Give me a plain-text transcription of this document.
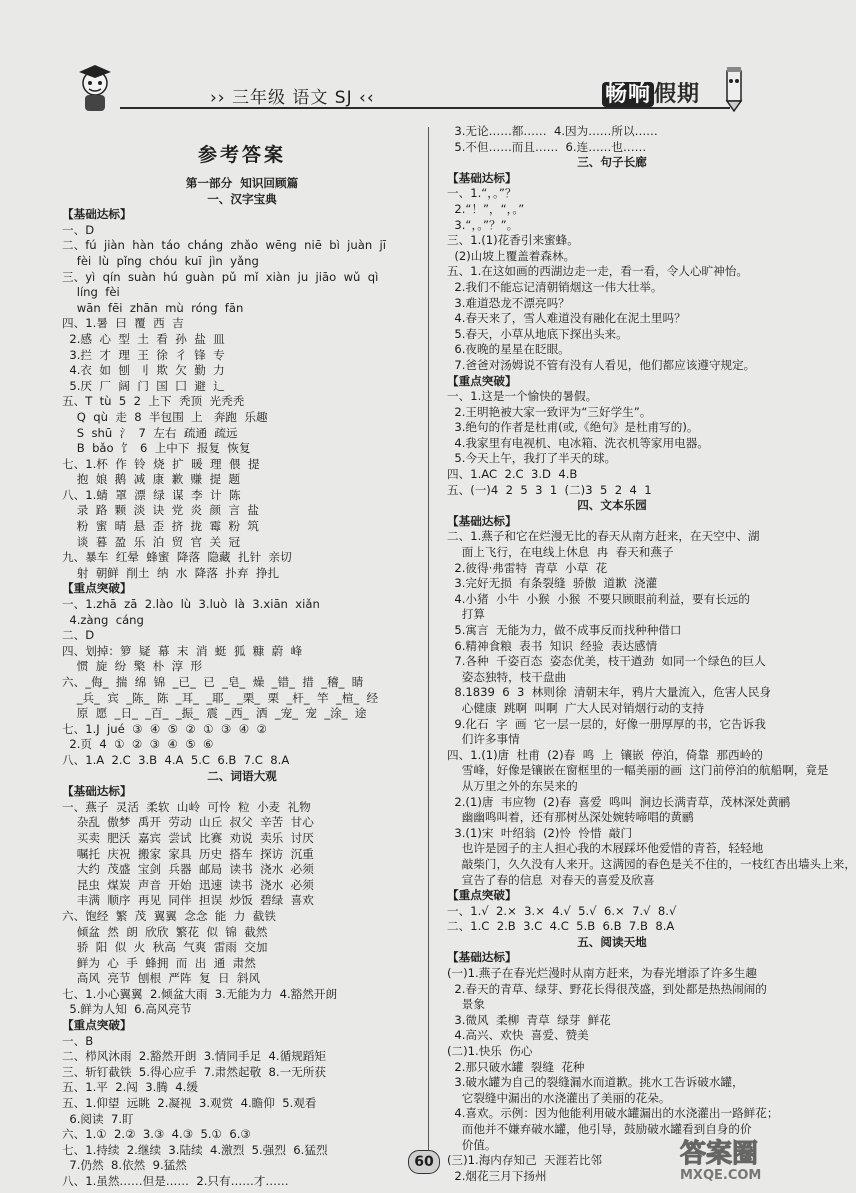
›› 三年级 语文 SJ ‹‹	畅响 假期
参考答案
第一部分  知识回顾篇
一、汉字宝典
【基础达标】
一、D
二、fú  jiàn  hàn  táo  cháng  zhǎo  wēng  niē  bì  juàn  jī
fèi  lù  pǐng  chóu  kuī  jìn  yǎng
三、yì  qín  suàn  hú  guàn  pǔ  mǐ  xiàn  ju  jiāo  wǔ  qì
líng  fèi
wān  fēi  zhān  mù  róng  fān
四、1.暑  曰  覆  西  吉
2.感  心  型  土  看  孙  盐  皿
3.拦  才  理  王  徐  彳  锋  专
4.衣  如  刨  刂  欺  欠  勤  力
5.厌  厂  阔  门  国  囗  避  辶
五、T  tù  5  2  上下  秃顶  光秃秃
Q  qù  走  8  半包围  上   奔跑  乐趣
S  shū  氵  7  左右  疏通  疏远
B  bǎo  饣  6  上中下  报复  恢复
七、1.杯  作  铃  烧  扩  暖  理  偎  提
抱  娘  鹅  减  康  歉  赚  提  题
八、1.蜻  罩  漂  绿  谋  李  计  陈
录  路  颗  淡  诀  党  炎  颜  言  盐
粉  蜜  晴  悬  歪  挤  拢  霉  粉  筑
谈  暮  盈  乐  泊  贸  官  关  冠
九、暴车  红晕  蜂蜜  降落  隐藏  扎针  亲切
射  朝鲜  削土  纳  水  降落  扑弃  挣扎
【重点突破】
一、1.zhā  zā  2.lào  lù  3.luò  là  3.xiān  xiǎn
4.zàng  cáng
二、D
四、划掉：箩  疑  幕  末  消  蜓  狐  糠  蔚  峰
惯  旋  纷  檠  朴  淳  形
六、_侮_  揣  绵  锦  _已_  已  _皂_  燥  _错_  措  _稽_  睛
_兵_  宾  _陈_  陈  _耳_  _耶_  _栗_  栗  _杆_  竿  _楦_  经
原  愿  _日_  _百_  _振_  震  _西_  洒  _宠_  宠  _涂_  途
七、1.J  jué  ③  ④  ⑤  ②  ①  ③  ④  ②
2.页  4  ①  ②  ③  ④  ⑤  ⑥
八、1.A  2.C  3.B  4.A  5.C  6.B  7.C  8.A
二、词语大观
【基础达标】
一、燕子  灵活  柔软  山岭  可怜  粒  小麦  礼物
杂乱  傲梦  禹开  劳动  山丘  叔父  辛苦  甘心
买卖  肥沃  嘉宾  尝试  比赛  劝说  卖乐  讨厌
嘱托  庆祝  搬家  家具  历史  搭车  探访  沉重
大约  茂盛  宝剑  兵器  邮局  读书  浇水  必须
昆虫  煤炭  声音  开始  迅速  读书  浇水  必须
丰满  顺序  再见  同伴  担误  炒饭  碧绿  喜欢
六、饱经  繁  茂  翼翼  念念  能  力  截铁
倾盆  然  朗  欣欣  繁花  似  锦  截然
骄  阳  似  火  秋高  气爽  雷雨  交加
鲜为  心  手  蜂拥  而  出  通  肃然
高风  亮节  刨根  严阵  复  日  斜风
七、1.小心翼翼  2.倾盆大雨  3.无能为力  4.豁然开朗
5.鲜为人知  6.高风亮节
【重点突破】
一、B
二、栉风沐雨  2.豁然开朗  3.情同手足  4.循规蹈矩
三、斩钉截铁  5.得心应手  7.肃然起敬  8.一无所获
五、1.平  2.闯  3.腾  4.缓
五、1.仰望  远眺  2.凝视  3.观赏  4.瞻仰  5.观看
6.阅读  7.盯
六、1.①  2.②  3.③  4.③  5.①  6.③
七、1.持续  2.继续  3.陆续  4.激烈  5.强烈  6.猛烈
7.仍然  8.依然  9.猛然
八、1.虽然……但是……  2.只有……才……
3.无论……都……  4.因为……所以……
5.不但……而且……  6.连……也……
三、句子长廊
【基础达标】
一、1.“，。”？
2.“！”，“，。”
3.“，。”？”。
三、1.(1)花香引来蜜蜂。
(2)山坡上覆盖着森林。
五、1.在这如画的西湖边走一走，看一看，令人心旷神怡。
2.我们不能忘记清朝销烟这一伟大壮举。
3.难道恐龙不漂亮吗？
4.春天来了，雪人难道没有融化在泥土里吗？
5.春天，小草从地底下探出头来。
6.夜晚的星星在眨眼。
7.爸爸对汤姆说不管有没有人看见，他们都应该遵守规定。
【重点突破】
一、1.这是一个愉快的暑假。
2.王明艳被大家一致评为“三好学生”。
3.绝句的作者是杜甫(或,《绝句》是杜甫写的)。
4.我家里有电视机、电冰箱、洗衣机等家用电器。
5.今天上午，我打了半天的球。
四、1.AC  2.C  3.D  4.B
五、(一)4  2  5  3  1  (二)3  5  2  4  1
四、文本乐园
【基础达标】
二、1.燕子和它在烂漫无比的春天从南方赶来，在天空中、湖
面上飞行，在电线上休息  冉  春天和燕子
2.彼得·弗雷特  青草  小草  花
3.完好无损  有条裂缝  骄傲  道歉  浇灌
4.小猪  小牛  小猴  小猴  不要只顾眼前利益，要有长远的
打算
5.寓言  无能为力，做不成事反而找种种借口
6.精神食粮  表书  知识  经验  表达感情
7.各种  千姿百态  姿态优美，枝干遒劲  如同一个绿色的巨人
姿态独特，枝干盘曲
8.1839  6  3  林则徐  清朝末年，鸦片大量流入，危害人民身
心健康  跳啊  叫啊  广大人民对销烟行动的支持
9.化石  字  画  它一层一层的，好像一册厚厚的书，它告诉我
们许多事情
四、1.(1)唐  杜甫  (2)春  鸣  上  镶嵌  停泊，倚靠  那西岭的
雪峰，好像是镶嵌在窗框里的一幅美丽的画  这门前停泊的航船啊，竟是
从万里之外的东吴来的
2.(1)唐  韦应物  (2)春  喜爱  鸣叫  涧边长满青草，茂林深处黄鹂
幽幽鸣叫着，还有那树丛深处婉转啼唱的黄鹂
3.(1)宋  叶绍翁  (2)怜  怜惜  敲门
也许是园子的主人担心我的木屐踩坏他爱惜的青苔，轻轻地
敲柴门，久久没有人来开。这满园的春色是关不住的，一枝红杏出墙头上来，
宣告了春的信息  对春天的喜爱及欣喜
【重点突破】
一、1.√  2.×  3.×  4.√  5.√  6.×  7.√  8.√
二、1.C  2.B  3.C  4.C  5.B  6.B  7.B  8.A
五、阅读天地
【基础达标】
(一)1.燕子在春光烂漫时从南方赶来，为春光增添了许多生趣
2.春天的青草、绿芽、野花长得很茂盛，到处都是热热闹闹的
景象
3.微风  柔柳  青草  绿芽  鲜花
4.高兴、欢快  喜爱、赞美
(二)1.快乐  伤心
2.那只破水罐  裂缝  花种
3.破水罐为自己的裂缝漏水而道歉。挑水工告诉破水罐，
它裂缝中漏出的水浇灌出了美丽的花朵。
4.喜欢。示例：因为他能利用破水罐漏出的水浇灌出一路鲜花；
而他并不嫌弃破水罐，他引导，鼓励破水罐看到自身的价
价值。
(三)1.海内存知己  天涯若比邻
2.烟花三月下扬州
60	答案圈
MXQE.COM
